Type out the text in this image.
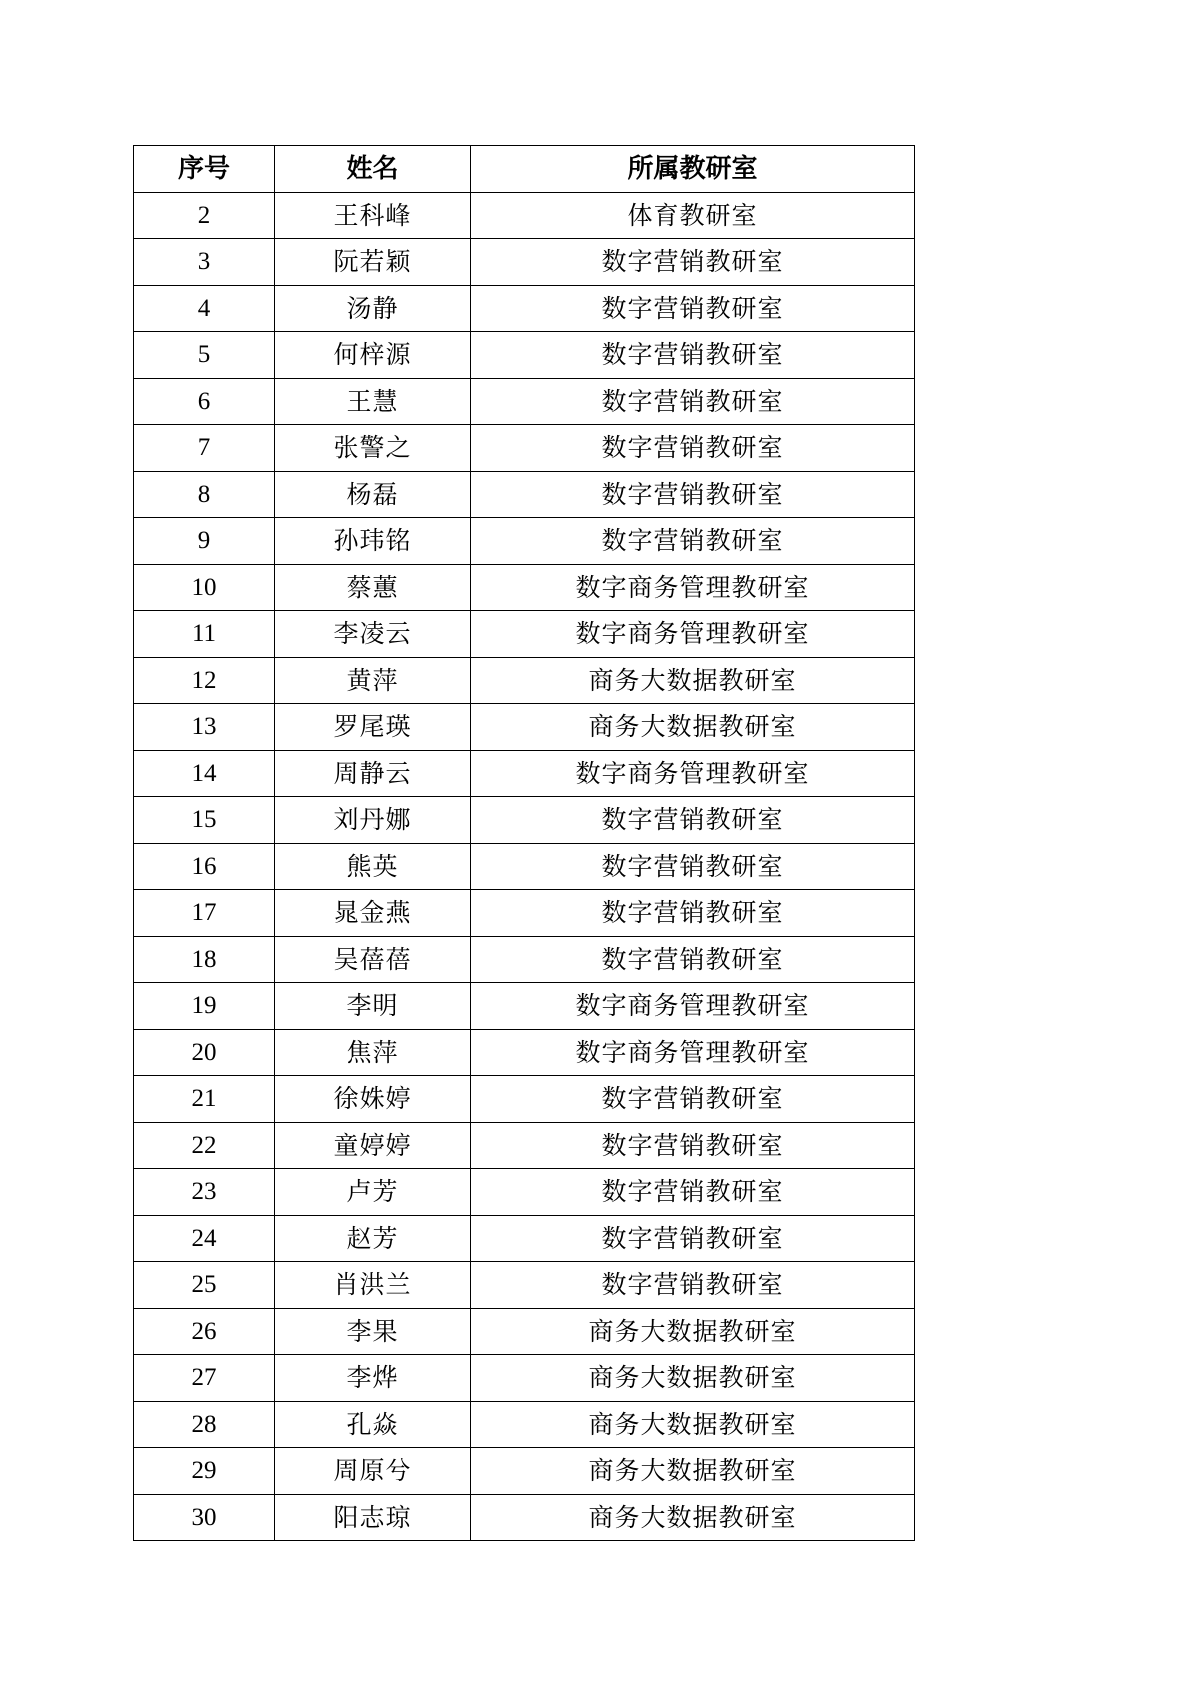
序号	姓名	所属教研室
2	王科峰	体育教研室
3	阮若颖	数字营销教研室
4	汤静	数字营销教研室
5	何梓源	数字营销教研室
6	王慧	数字营销教研室
7	张警之	数字营销教研室
8	杨磊	数字营销教研室
9	孙玮铭	数字营销教研室
10	蔡蕙	数字商务管理教研室
11	李凌云	数字商务管理教研室
12	黄萍	商务大数据教研室
13	罗尾瑛	商务大数据教研室
14	周静云	数字商务管理教研室
15	刘丹娜	数字营销教研室
16	熊英	数字营销教研室
17	晁金燕	数字营销教研室
18	吴蓓蓓	数字营销教研室
19	李明	数字商务管理教研室
20	焦萍	数字商务管理教研室
21	徐姝婷	数字营销教研室
22	童婷婷	数字营销教研室
23	卢芳	数字营销教研室
24	赵芳	数字营销教研室
25	肖洪兰	数字营销教研室
26	李果	商务大数据教研室
27	李烨	商务大数据教研室
28	孔焱	商务大数据教研室
29	周原兮	商务大数据教研室
30	阳志琼	商务大数据教研室
